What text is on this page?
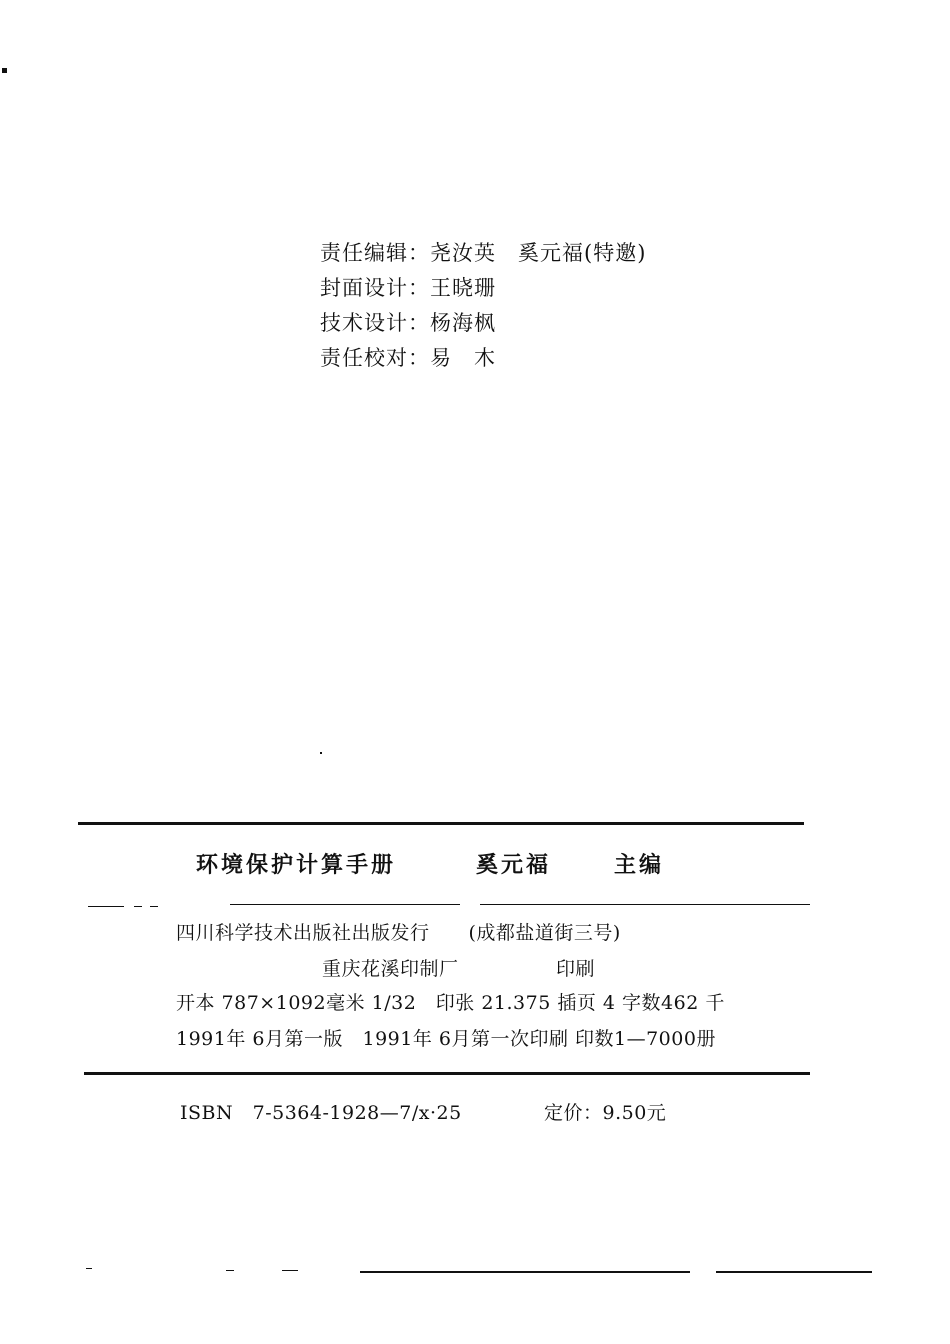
责任编辑：尧汝英　奚元福(特邀)
封面设计：王晓珊
技术设计：杨海枫
责任校对：易　木
环境保护计算手册	奚元福	主编
四川科学技术出版社出版发行　　(成都盐道街三号)
重庆花溪印制厂　　　　　印刷
开本 787×1092毫米 1/32　印张 21.375 插页 4 字数462 千
1991年 6月第一版　1991年 6月第一次印刷 印数1—7000册
ISBN　7-5364-1928—7/x·25	定价：9.50元
